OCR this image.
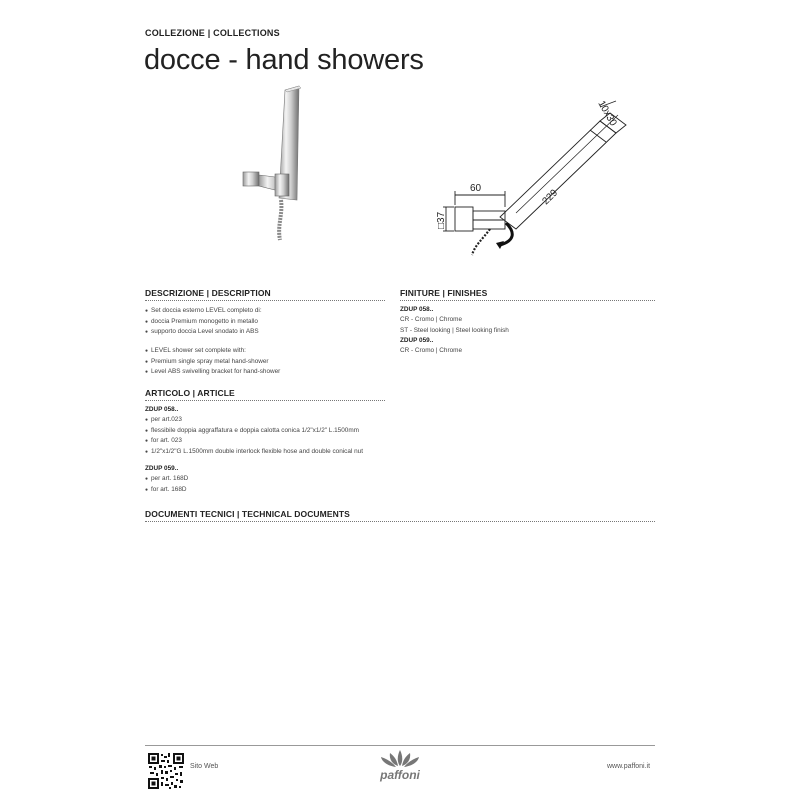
COLLEZIONE | COLLECTIONS
docce - hand showers
60
□37
229
10x30
DESCRIZIONE | DESCRIPTION
● Set doccia esterno LEVEL completo di:
● doccia Premium monogetto in metallo
● supporto doccia Level snodato in ABS
● LEVEL shower set complete with:
● Premium single spray metal hand-shower
● Level ABS swivelling bracket for hand-shower
FINITURE | FINISHES
ZDUP 058..
CR - Cromo | Chrome
ST - Steel looking | Steel looking finish
ZDUP 059..
CR - Cromo | Chrome
ARTICOLO | ARTICLE
ZDUP 058..
● per art.023
● flessibile doppia aggraffatura e doppia calotta conica 1/2"x1/2" L.1500mm
● for art. 023
● 1/2"x1/2"G L.1500mm double interlock flexible hose and double conical nut
ZDUP 059..
● per art. 168D
● for art. 168D
DOCUMENTI TECNICI | TECHNICAL DOCUMENTS
Sito Web
paffoni
www.paffoni.it
